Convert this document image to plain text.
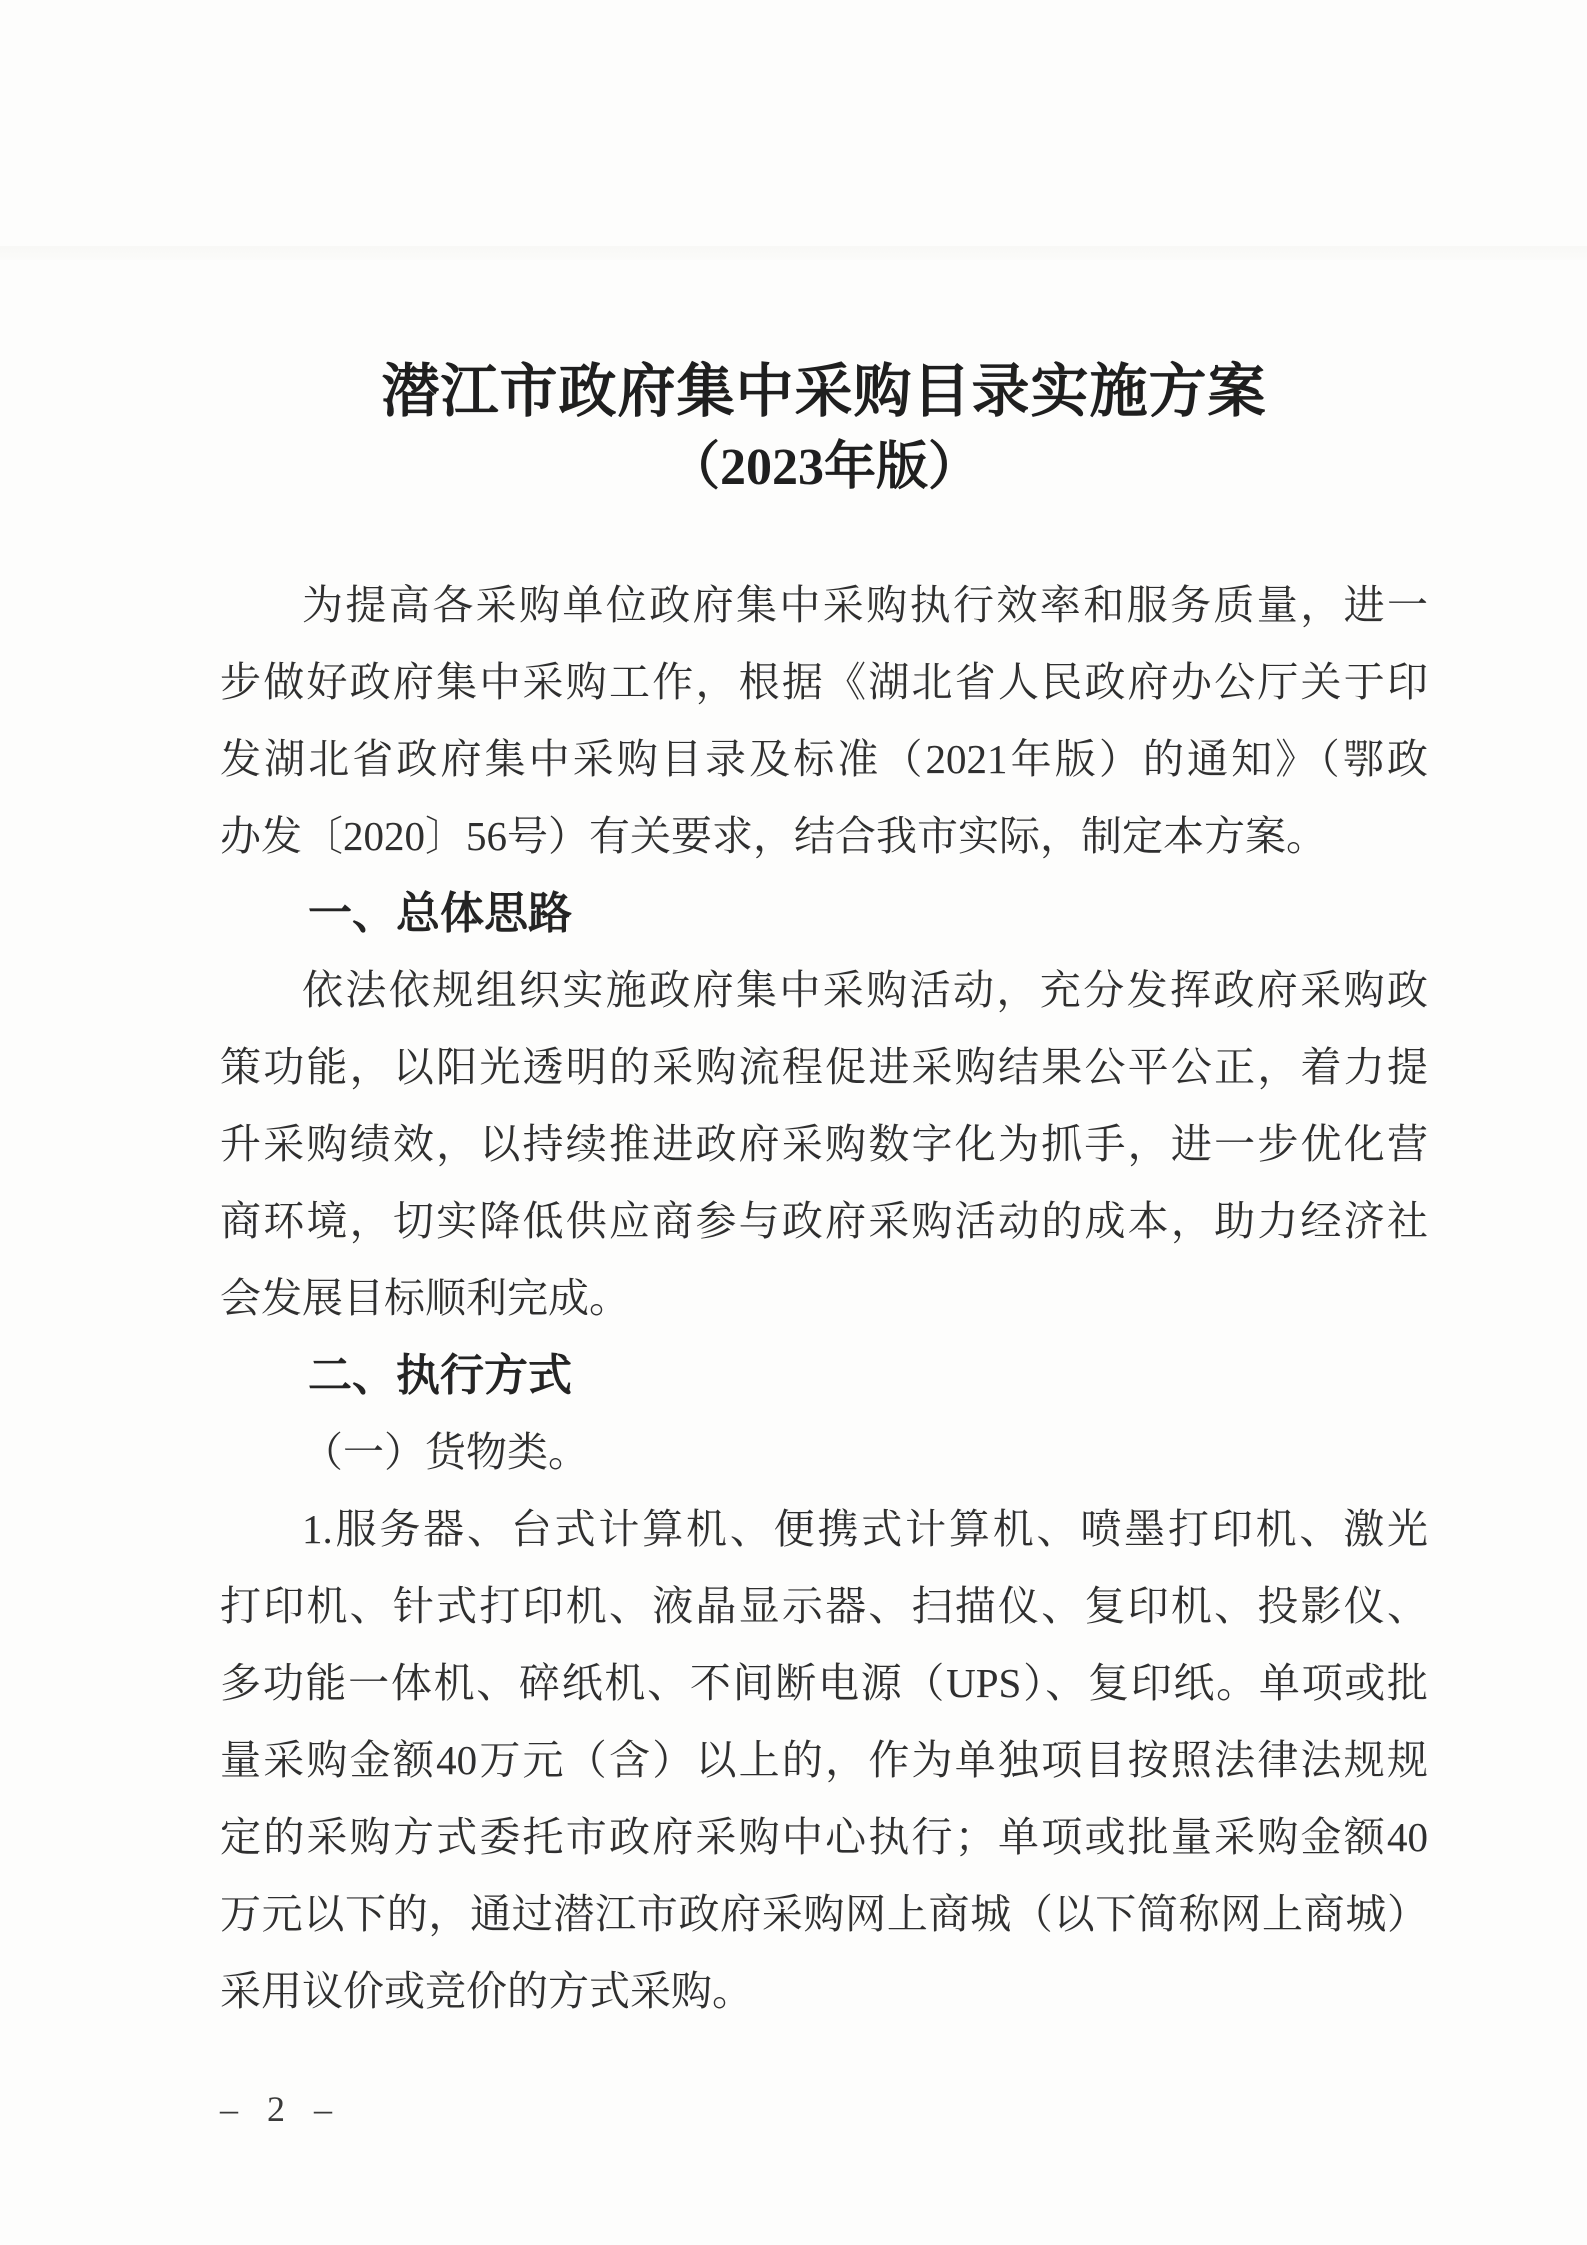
潜江市政府集中采购目录实施方案
（2023年版）
为提高各采购单位政府集中采购执行效率和服务质量，进一
步做好政府集中采购工作，根据《湖北省人民政府办公厅关于印
发湖北省政府集中采购目录及标准（2021年版）的通知》（鄂政
办发〔2020〕56号）有关要求，结合我市实际，制定本方案。
一、总体思路
依法依规组织实施政府集中采购活动，充分发挥政府采购政
策功能，以阳光透明的采购流程促进采购结果公平公正，着力提
升采购绩效，以持续推进政府采购数字化为抓手，进一步优化营
商环境，切实降低供应商参与政府采购活动的成本，助力经济社
会发展目标顺利完成。
二、执行方式
（一）货物类。
1.服务器、台式计算机、便携式计算机、喷墨打印机、激光
打印机、针式打印机、液晶显示器、扫描仪、复印机、投影仪、
多功能一体机、碎纸机、不间断电源（UPS）、复印纸。单项或批
量采购金额40万元（含）以上的，作为单独项目按照法律法规规
定的采购方式委托市政府采购中心执行；单项或批量采购金额40
万元以下的，通过潜江市政府采购网上商城（以下简称网上商城）
采用议价或竞价的方式采购。
– 2 –
